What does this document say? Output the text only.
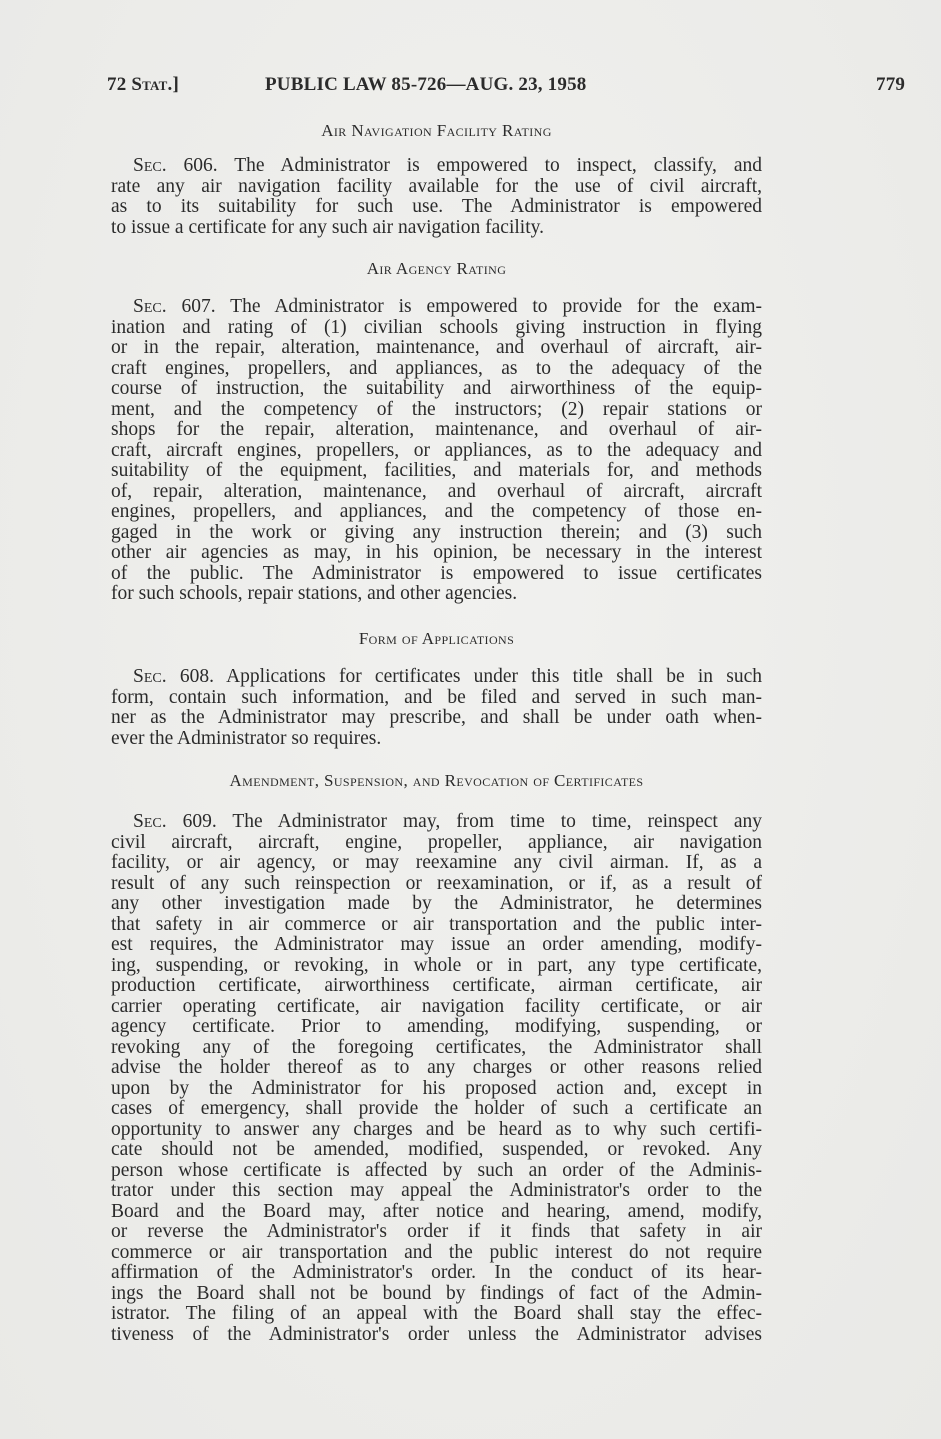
72 Stat.]	PUBLIC LAW 85-726—AUG. 23, 1958	779
Air Navigation Facility Rating
Sec. 606. The Administrator is empowered to inspect, classify, and
rate any air navigation facility available for the use of civil aircraft,
as to its suitability for such use. The Administrator is empowered
to issue a certificate for any such air navigation facility.
Air Agency Rating
Sec. 607. The Administrator is empowered to provide for the exam-
ination and rating of (1) civilian schools giving instruction in flying
or in the repair, alteration, maintenance, and overhaul of aircraft, air-
craft engines, propellers, and appliances, as to the adequacy of the
course of instruction, the suitability and airworthiness of the equip-
ment, and the competency of the instructors; (2) repair stations or
shops for the repair, alteration, maintenance, and overhaul of air-
craft, aircraft engines, propellers, or appliances, as to the adequacy and
suitability of the equipment, facilities, and materials for, and methods
of, repair, alteration, maintenance, and overhaul of aircraft, aircraft
engines, propellers, and appliances, and the competency of those en-
gaged in the work or giving any instruction therein; and (3) such
other air agencies as may, in his opinion, be necessary in the interest
of the public. The Administrator is empowered to issue certificates
for such schools, repair stations, and other agencies.
Form of Applications
Sec. 608. Applications for certificates under this title shall be in such
form, contain such information, and be filed and served in such man-
ner as the Administrator may prescribe, and shall be under oath when-
ever the Administrator so requires.
Amendment, Suspension, and Revocation of Certificates
Sec. 609. The Administrator may, from time to time, reinspect any
civil aircraft, aircraft, engine, propeller, appliance, air navigation
facility, or air agency, or may reexamine any civil airman. If, as a
result of any such reinspection or reexamination, or if, as a result of
any other investigation made by the Administrator, he determines
that safety in air commerce or air transportation and the public inter-
est requires, the Administrator may issue an order amending, modify-
ing, suspending, or revoking, in whole or in part, any type certificate,
production certificate, airworthiness certificate, airman certificate, air
carrier operating certificate, air navigation facility certificate, or air
agency certificate. Prior to amending, modifying, suspending, or
revoking any of the foregoing certificates, the Administrator shall
advise the holder thereof as to any charges or other reasons relied
upon by the Administrator for his proposed action and, except in
cases of emergency, shall provide the holder of such a certificate an
opportunity to answer any charges and be heard as to why such certifi-
cate should not be amended, modified, suspended, or revoked. Any
person whose certificate is affected by such an order of the Adminis-
trator under this section may appeal the Administrator's order to the
Board and the Board may, after notice and hearing, amend, modify,
or reverse the Administrator's order if it finds that safety in air
commerce or air transportation and the public interest do not require
affirmation of the Administrator's order. In the conduct of its hear-
ings the Board shall not be bound by findings of fact of the Admin-
istrator. The filing of an appeal with the Board shall stay the effec-
tiveness of the Administrator's order unless the Administrator advises
